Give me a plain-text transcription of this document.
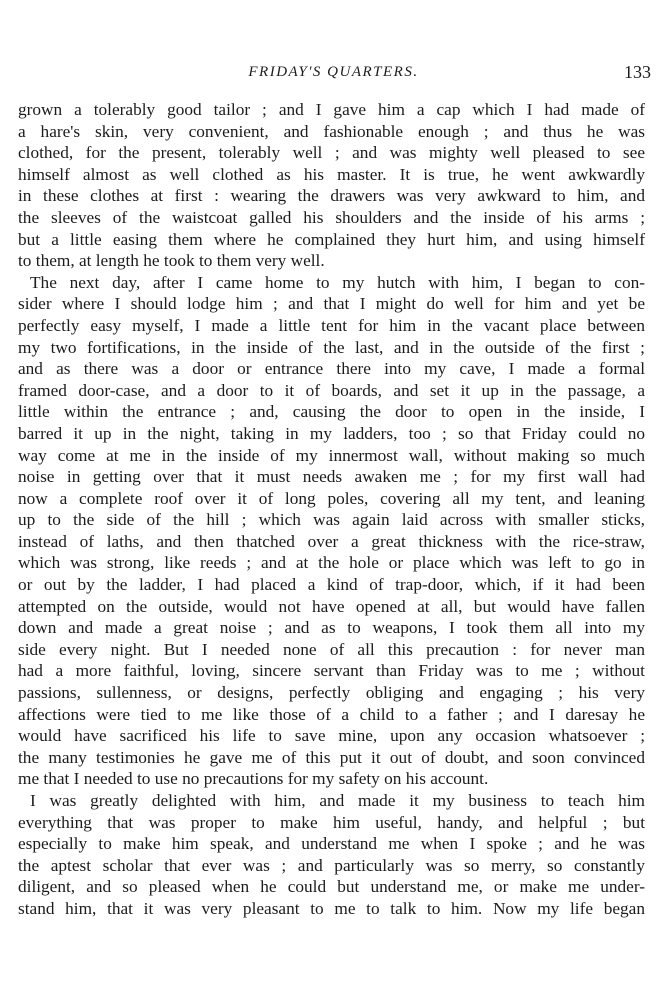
FRIDAY'S QUARTERS.	133
grown a tolerably good tailor ; and I gave him a cap which I had made of
a hare's skin, very convenient, and fashionable enough ; and thus he was
clothed, for the present, tolerably well ; and was mighty well pleased to see
himself almost as well clothed as his master. It is true, he went awkwardly
in these clothes at first : wearing the drawers was very awkward to him, and
the sleeves of the waistcoat galled his shoulders and the inside of his arms ;
but a little easing them where he complained they hurt him, and using himself
to them, at length he took to them very well.
The next day, after I came home to my hutch with him, I began to con-
sider where I should lodge him ; and that I might do well for him and yet be
perfectly easy myself, I made a little tent for him in the vacant place between
my two fortifications, in the inside of the last, and in the outside of the first ;
and as there was a door or entrance there into my cave, I made a formal
framed door-case, and a door to it of boards, and set it up in the passage, a
little within the entrance ; and, causing the door to open in the inside, I
barred it up in the night, taking in my ladders, too ; so that Friday could no
way come at me in the inside of my innermost wall, without making so much
noise in getting over that it must needs awaken me ; for my first wall had
now a complete roof over it of long poles, covering all my tent, and leaning
up to the side of the hill ; which was again laid across with smaller sticks,
instead of laths, and then thatched over a great thickness with the rice-straw,
which was strong, like reeds ; and at the hole or place which was left to go in
or out by the ladder, I had placed a kind of trap-door, which, if it had been
attempted on the outside, would not have opened at all, but would have fallen
down and made a great noise ; and as to weapons, I took them all into my
side every night. But I needed none of all this precaution : for never man
had a more faithful, loving, sincere servant than Friday was to me ; without
passions, sullenness, or designs, perfectly obliging and engaging ; his very
affections were tied to me like those of a child to a father ; and I daresay he
would have sacrificed his life to save mine, upon any occasion whatsoever ;
the many testimonies he gave me of this put it out of doubt, and soon convinced
me that I needed to use no precautions for my safety on his account.
I was greatly delighted with him, and made it my business to teach him
everything that was proper to make him useful, handy, and helpful ; but
especially to make him speak, and understand me when I spoke ; and he was
the aptest scholar that ever was ; and particularly was so merry, so constantly
diligent, and so pleased when he could but understand me, or make me under-
stand him, that it was very pleasant to me to talk to him. Now my life began
